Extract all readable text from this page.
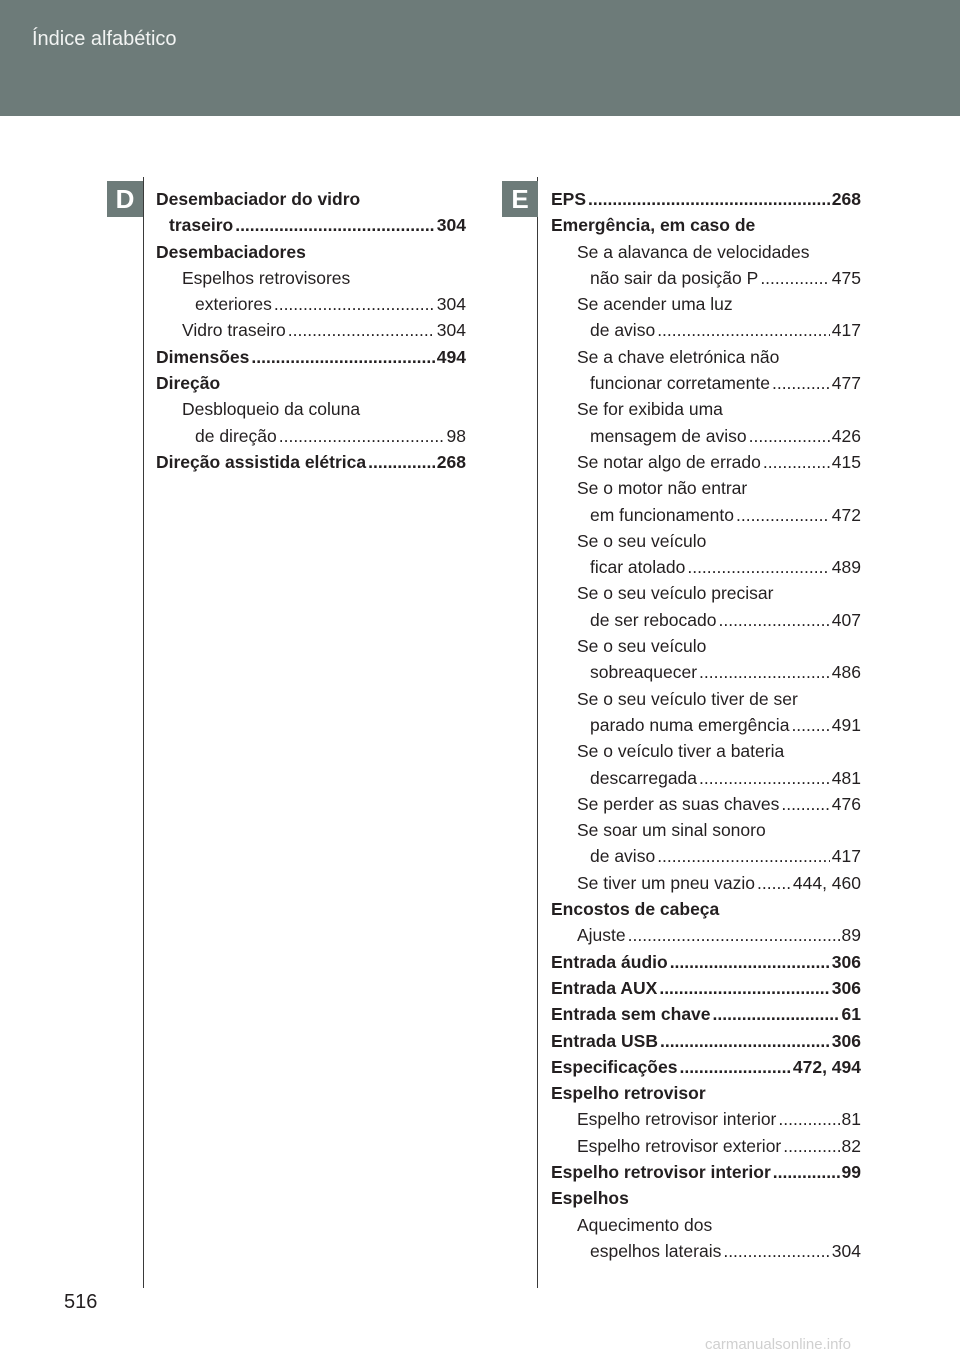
Índice alfabético
D	E
Desembaciador do vidro
traseiro .....	304
Desembaciadores
Espelhos retrovisores
exteriores .....	304
Vidro traseiro .....	304
Dimensões .....	494
Direção
Desbloqueio da coluna
de direção .....	98
Direção assistida elétrica .....	268
EPS .....	268
Emergência, em caso de
Se a alavanca de velocidades
não sair da posição P .....	475
Se acender uma luz
de aviso .....	417
Se a chave eletrónica não
funcionar corretamente .....	477
Se for exibida uma
mensagem de aviso .....	426
Se notar algo de errado .....	415
Se o motor não entrar
em funcionamento .....	472
Se o seu veículo
ficar atolado .....	489
Se o seu veículo precisar
de ser rebocado .....	407
Se o seu veículo
sobreaquecer .....	486
Se o seu veículo tiver de ser
parado numa emergência ..... 491
Se o veículo tiver a bateria
descarregada .....	481
Se perder as suas chaves .....	476
Se soar um sinal sonoro
de aviso .....	417
Se tiver um pneu vazio ..... 444, 460
Encostos de cabeça
Ajuste .....	89
Entrada áudio .....	306
Entrada AUX .....	306
Entrada sem chave .....	61
Entrada USB .....	306
Especificações .....	472, 494
Espelho retrovisor
Espelho retrovisor interior .....	81
Espelho retrovisor exterior .....	82
Espelho retrovisor interior .....	99
Espelhos
Aquecimento dos
espelhos laterais .....	304
516
carmanualsonline.info
